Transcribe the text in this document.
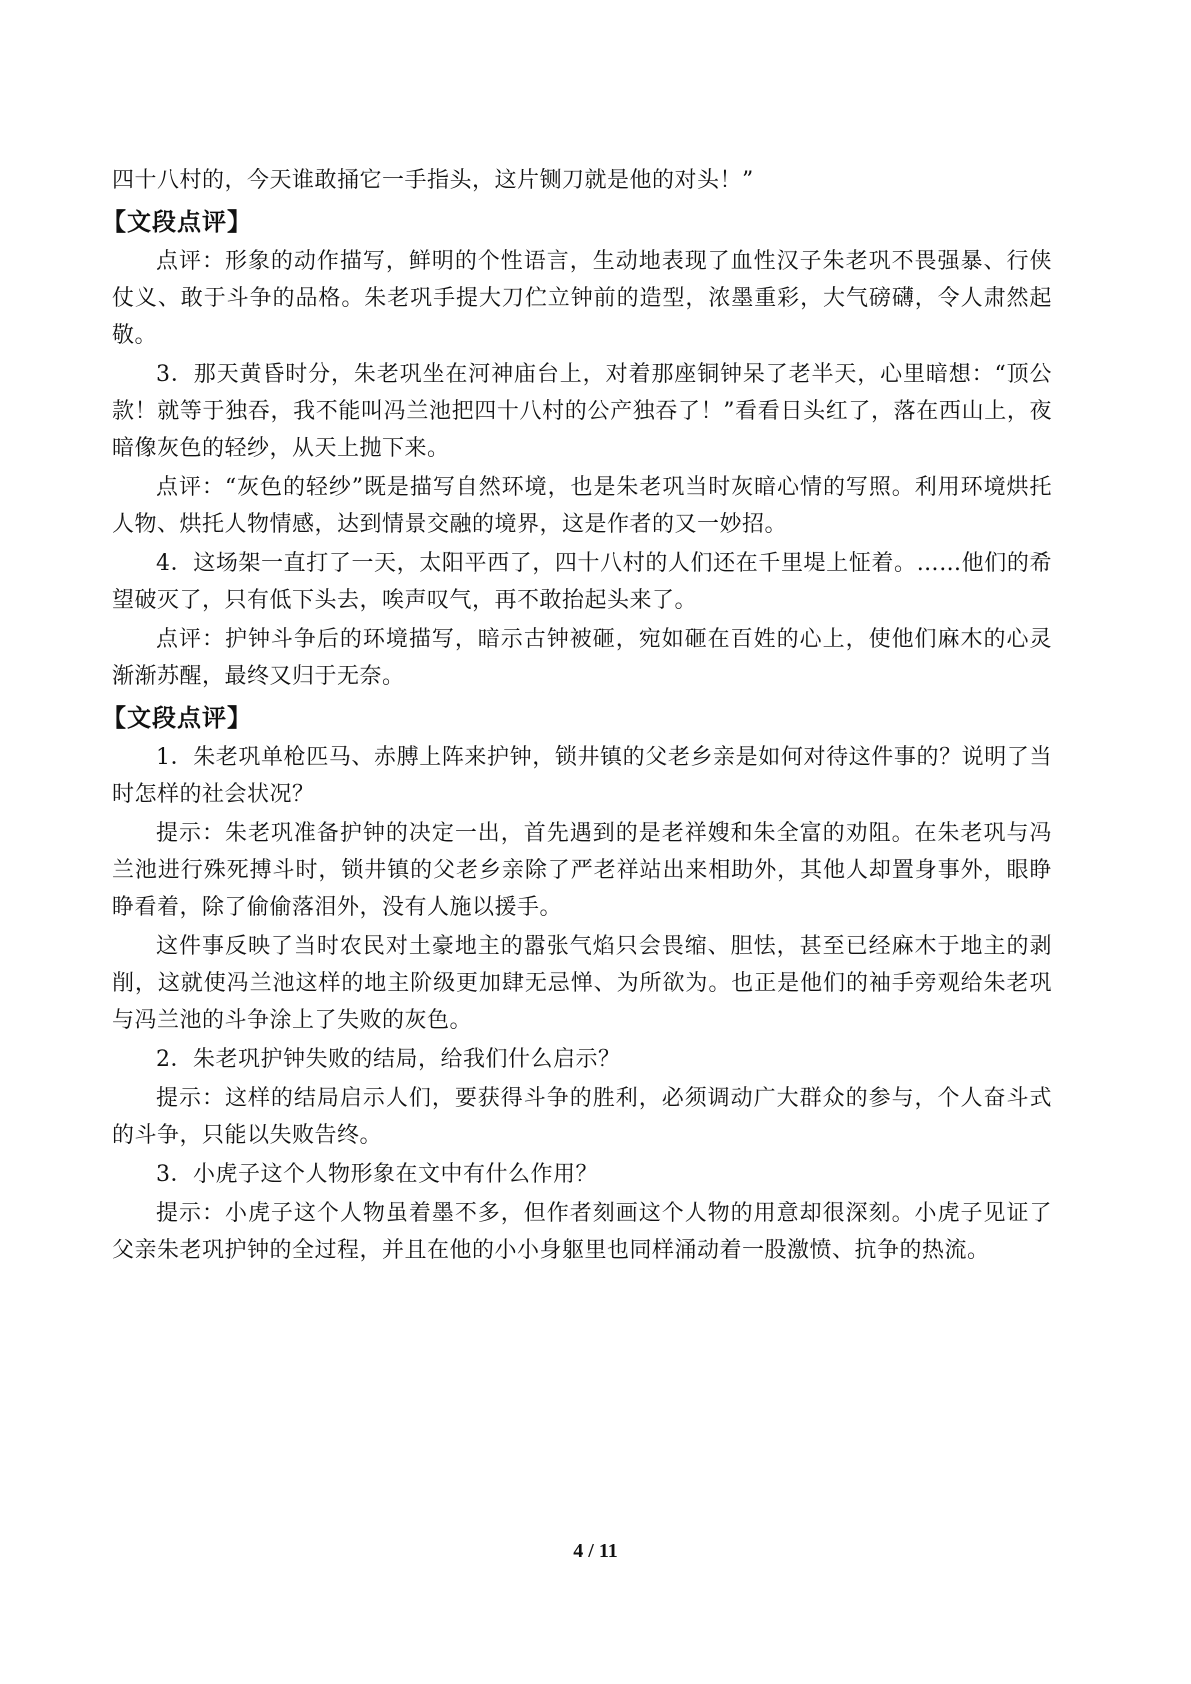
四十八村的，今天谁敢捅它一手指头，这片铡刀就是他的对头！”

【文段点评】

点评：形象的动作描写，鲜明的个性语言，生动地表现了血性汉子朱老巩不畏强暴、行侠仗义、敢于斗争的品格。朱老巩手提大刀伫立钟前的造型，浓墨重彩，大气磅礴，令人肃然起敬。

3．那天黄昏时分，朱老巩坐在河神庙台上，对着那座铜钟呆了老半天，心里暗想：“顶公款！就等于独吞，我不能叫冯兰池把四十八村的公产独吞了！”看看日头红了，落在西山上，夜暗像灰色的轻纱，从天上抛下来。

点评：“灰色的轻纱”既是描写自然环境，也是朱老巩当时灰暗心情的写照。利用环境烘托人物、烘托人物情感，达到情景交融的境界，这是作者的又一妙招。

4．这场架一直打了一天，太阳平西了，四十八村的人们还在千里堤上怔着。……他们的希望破灭了，只有低下头去，唉声叹气，再不敢抬起头来了。

点评：护钟斗争后的环境描写，暗示古钟被砸，宛如砸在百姓的心上，使他们麻木的心灵渐渐苏醒，最终又归于无奈。

【文段点评】

1．朱老巩单枪匹马、赤膊上阵来护钟，锁井镇的父老乡亲是如何对待这件事的？说明了当时怎样的社会状况？

提示：朱老巩准备护钟的决定一出，首先遇到的是老祥嫂和朱全富的劝阻。在朱老巩与冯兰池进行殊死搏斗时，锁井镇的父老乡亲除了严老祥站出来相助外，其他人却置身事外，眼睁睁看着，除了偷偷落泪外，没有人施以援手。

这件事反映了当时农民对土豪地主的嚣张气焰只会畏缩、胆怯，甚至已经麻木于地主的剥削，这就使冯兰池这样的地主阶级更加肆无忌惮、为所欲为。也正是他们的袖手旁观给朱老巩与冯兰池的斗争涂上了失败的灰色。

2．朱老巩护钟失败的结局，给我们什么启示？

提示：这样的结局启示人们，要获得斗争的胜利，必须调动广大群众的参与，个人奋斗式的斗争，只能以失败告终。

3．小虎子这个人物形象在文中有什么作用？

提示：小虎子这个人物虽着墨不多，但作者刻画这个人物的用意却很深刻。小虎子见证了父亲朱老巩护钟的全过程，并且在他的小小身躯里也同样涌动着一股激愤、抗争的热流。

4 / 11
